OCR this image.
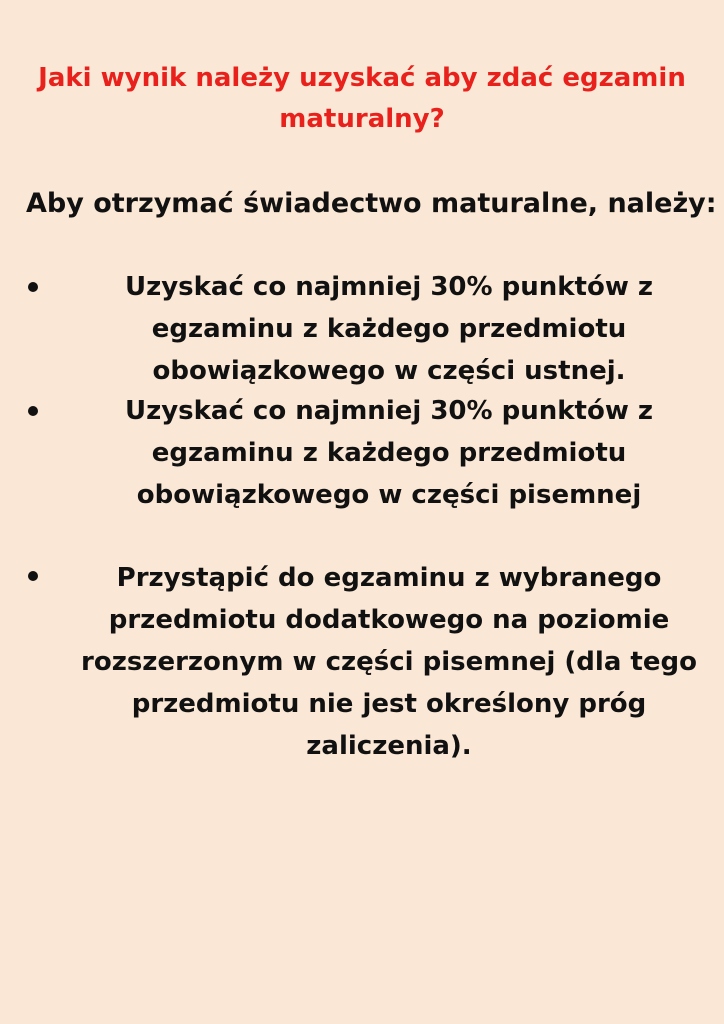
Jaki wynik należy uzyskać aby zdać egzamin maturalny?
Aby otrzymać świadectwo maturalne, należy:
Uzyskać co najmniej 30% punktów z egzaminu z każdego przedmiotu obowiązkowego w części ustnej.
Uzyskać co najmniej 30% punktów z egzaminu z każdego przedmiotu obowiązkowego w części pisemnej
Przystąpić do egzaminu z wybranego przedmiotu dodatkowego na poziomie rozszerzonym w części pisemnej (dla tego przedmiotu nie jest określony próg zaliczenia).
